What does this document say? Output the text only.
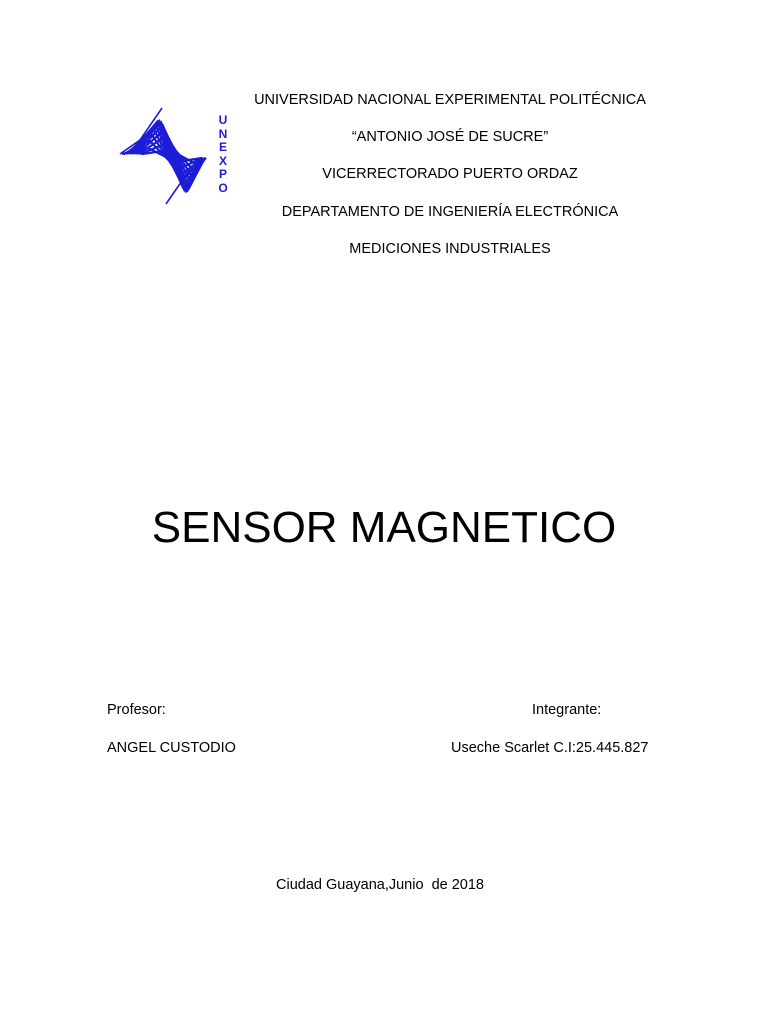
U
N
E
X
P
O
UNIVERSIDAD NACIONAL EXPERIMENTAL POLITÉCNICA
“ANTONIO JOSÉ DE SUCRE”
VICERRECTORADO PUERTO ORDAZ
DEPARTAMENTO DE INGENIERÍA ELECTRÓNICA
MEDICIONES INDUSTRIALES
SENSOR MAGNETICO
Profesor:
ANGEL CUSTODIO
Integrante:
Useche Scarlet C.I:25.445.827
Ciudad Guayana,Junio  de 2018
